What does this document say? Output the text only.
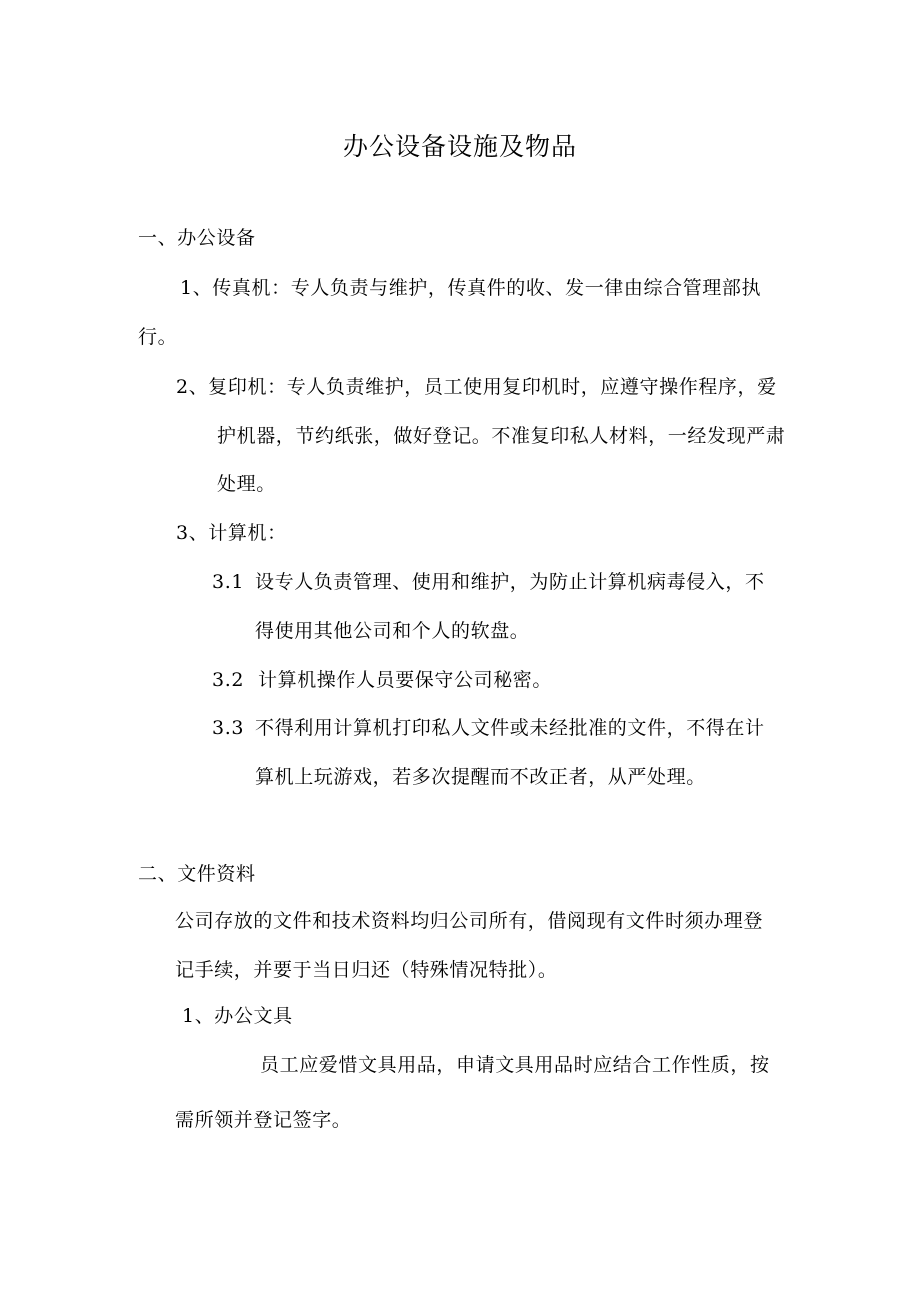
办公设备设施及物品
一、办公设备
1、传真机：专人负责与维护，传真件的收、发一律由综合管理部执
行。
2、复印机：专人负责维护，员工使用复印机时，应遵守操作程序，爱
护机器，节约纸张，做好登记。不准复印私人材料，一经发现严肃
处理。
3、计算机：
3.1 设专人负责管理、使用和维护，为防止计算机病毒侵入，不
得使用其他公司和个人的软盘。
3.2 计算机操作人员要保守公司秘密。
3.3 不得利用计算机打印私人文件或未经批准的文件，不得在计
算机上玩游戏，若多次提醒而不改正者，从严处理。
二、文件资料
公司存放的文件和技术资料均归公司所有，借阅现有文件时须办理登
记手续，并要于当日归还（特殊情况特批）。
1、办公文具
员工应爱惜文具用品，申请文具用品时应结合工作性质，按
需所领并登记签字。
